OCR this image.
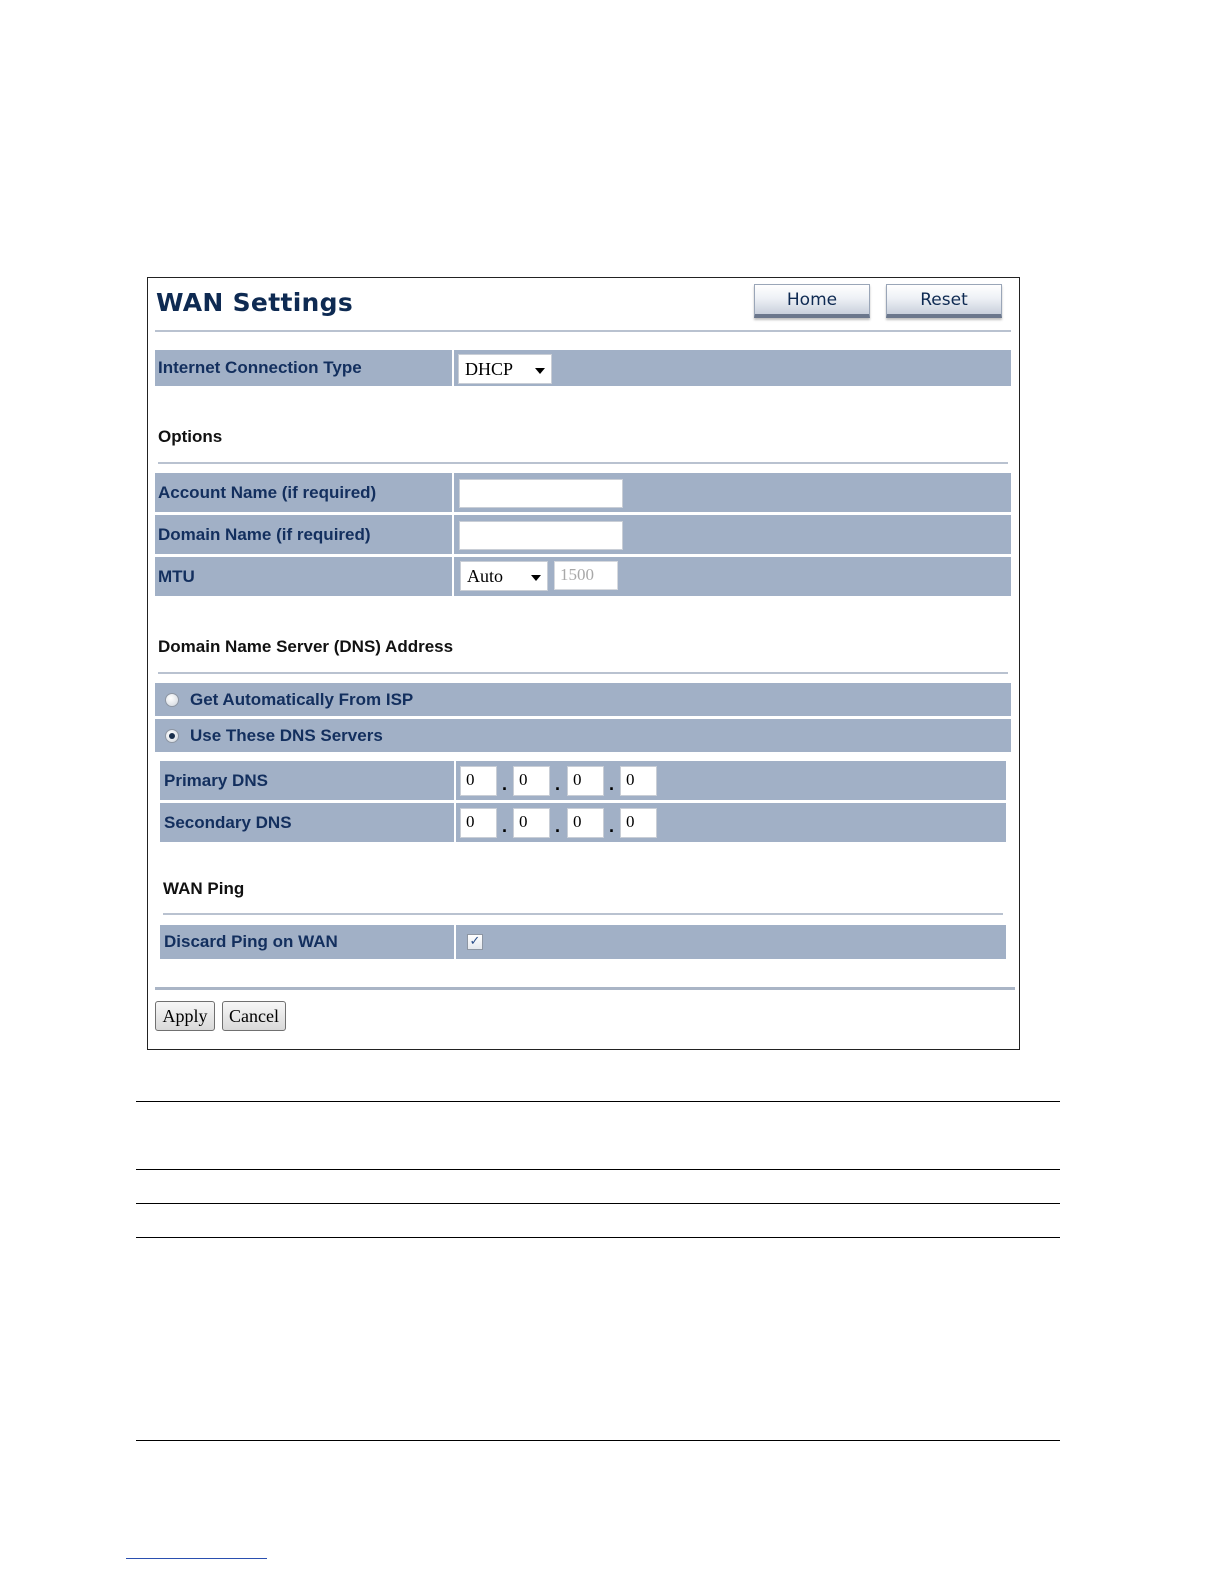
WAN Settings	Home	Reset
Internet Connection Type	DHCP
Options
Account Name (if required)
Domain Name (if required)
MTU	Auto	1500
Domain Name Server (DNS) Address
Get Automatically From ISP
Use These DNS Servers
Primary DNS	0	. 0	. 0	. 0
Secondary DNS	0	. 0	. 0	. 0
WAN Ping
Discard Ping on WAN	✓
Apply	Cancel
